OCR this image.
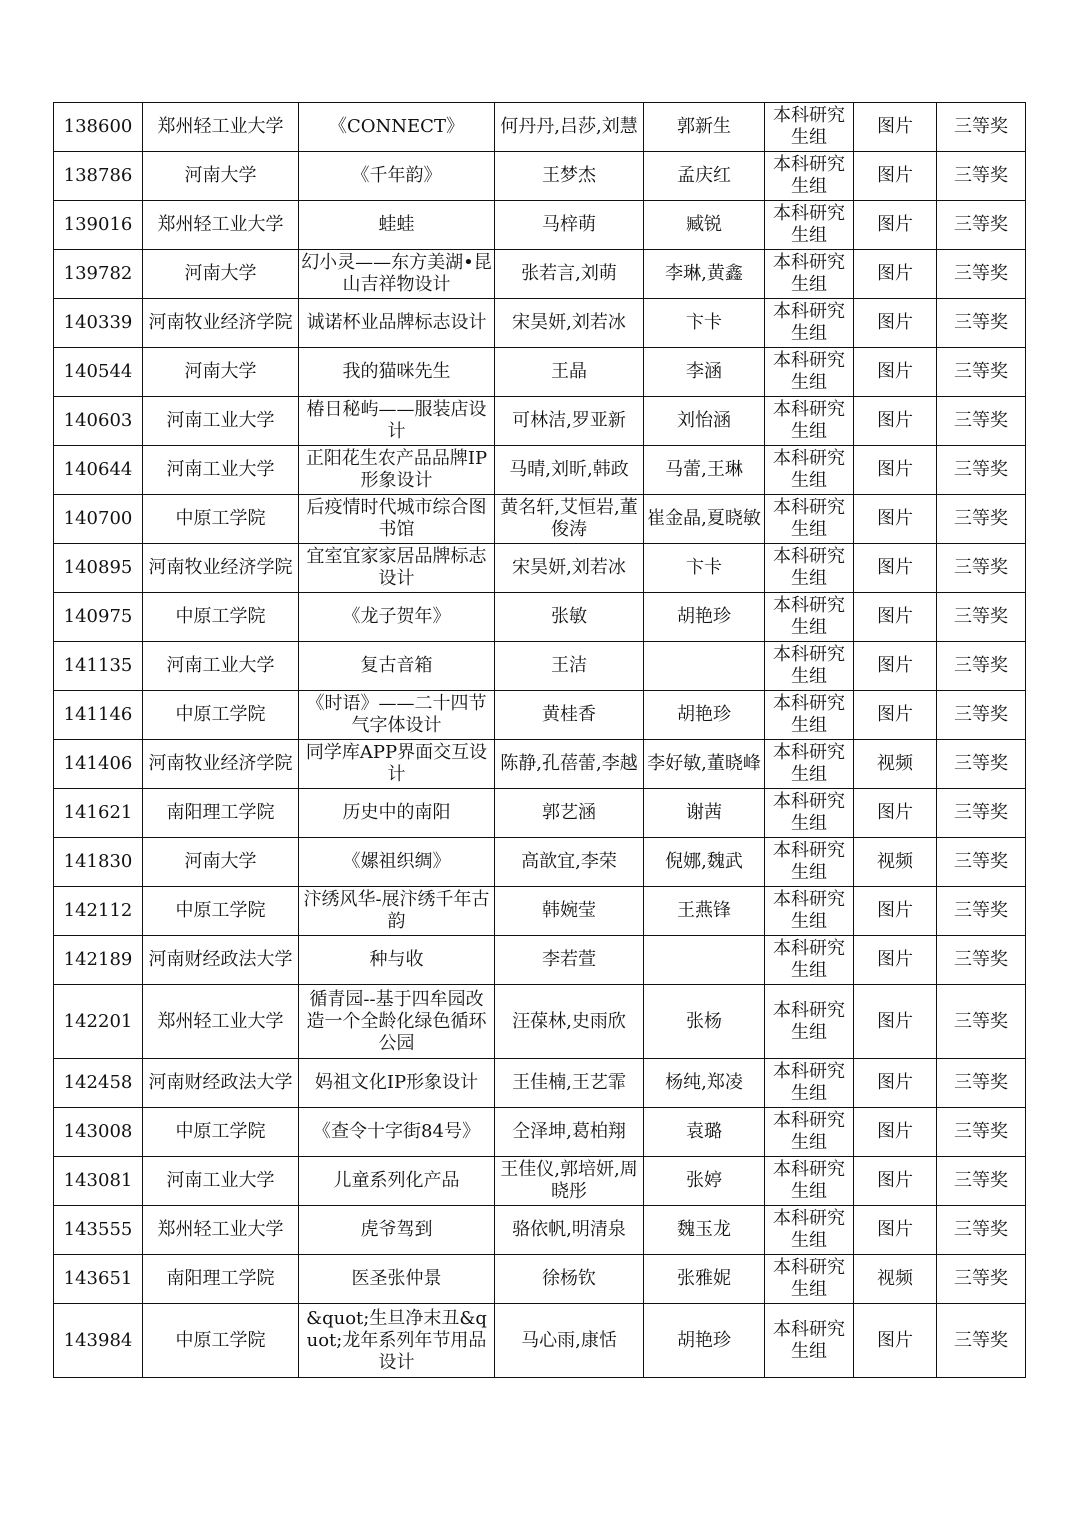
138600	郑州轻工业大学	《CONNECT》	何丹丹,吕莎,刘慧	郭新生	本科研究生组	图片	三等奖
138786	河南大学	《千年韵》	王梦杰	孟庆红	本科研究生组	图片	三等奖
139016	郑州轻工业大学	蛙蛙	马梓萌	臧锐	本科研究生组	图片	三等奖
139782	河南大学	幻小灵——东方美湖•昆山吉祥物设计	张若言,刘萌	李琳,黄鑫	本科研究生组	图片	三等奖
140339	河南牧业经济学院	诚诺杯业品牌标志设计	宋昊妍,刘若冰	卞卡	本科研究生组	图片	三等奖
140544	河南大学	我的猫咪先生	王晶	李涵	本科研究生组	图片	三等奖
140603	河南工业大学	椿日秘屿——服装店设计	可林洁,罗亚新	刘怡涵	本科研究生组	图片	三等奖
140644	河南工业大学	正阳花生农产品品牌IP形象设计	马晴,刘昕,韩政	马蕾,王琳	本科研究生组	图片	三等奖
140700	中原工学院	后疫情时代城市综合图书馆	黄名轩,艾恒岩,董俊涛	崔金晶,夏晓敏	本科研究生组	图片	三等奖
140895	河南牧业经济学院	宜室宜家家居品牌标志设计	宋昊妍,刘若冰	卞卡	本科研究生组	图片	三等奖
140975	中原工学院	《龙子贺年》	张敏	胡艳珍	本科研究生组	图片	三等奖
141135	河南工业大学	复古音箱	王洁		本科研究生组	图片	三等奖
141146	中原工学院	《时语》——二十四节气字体设计	黄桂香	胡艳珍	本科研究生组	图片	三等奖
141406	河南牧业经济学院	同学库APP界面交互设计	陈静,孔蓓蕾,李越	李好敏,董晓峰	本科研究生组	视频	三等奖
141621	南阳理工学院	历史中的南阳	郭艺涵	谢茜	本科研究生组	图片	三等奖
141830	河南大学	《嫘祖织绸》	高歆宜,李荣	倪娜,魏武	本科研究生组	视频	三等奖
142112	中原工学院	汴绣风华-展汴绣千年古韵	韩婉莹	王燕锋	本科研究生组	图片	三等奖
142189	河南财经政法大学	种与收	李若萱		本科研究生组	图片	三等奖
142201	郑州轻工业大学	循青园--基于四牟园改造一个全龄化绿色循环公园	汪葆林,史雨欣	张杨	本科研究生组	图片	三等奖
142458	河南财经政法大学	妈祖文化IP形象设计	王佳楠,王艺霏	杨纯,郑凌	本科研究生组	图片	三等奖
143008	中原工学院	《查令十字街84号》	仝泽坤,葛柏翔	袁璐	本科研究生组	图片	三等奖
143081	河南工业大学	儿童系列化产品	王佳仪,郭培妍,周晓彤	张婷	本科研究生组	图片	三等奖
143555	郑州轻工业大学	虎爷驾到	骆依帆,明清泉	魏玉龙	本科研究生组	图片	三等奖
143651	南阳理工学院	医圣张仲景	徐杨钦	张雅妮	本科研究生组	视频	三等奖
143984	中原工学院	&quot;生旦净末丑&quot;龙年系列年节用品设计	马心雨,康恬	胡艳珍	本科研究生组	图片	三等奖
